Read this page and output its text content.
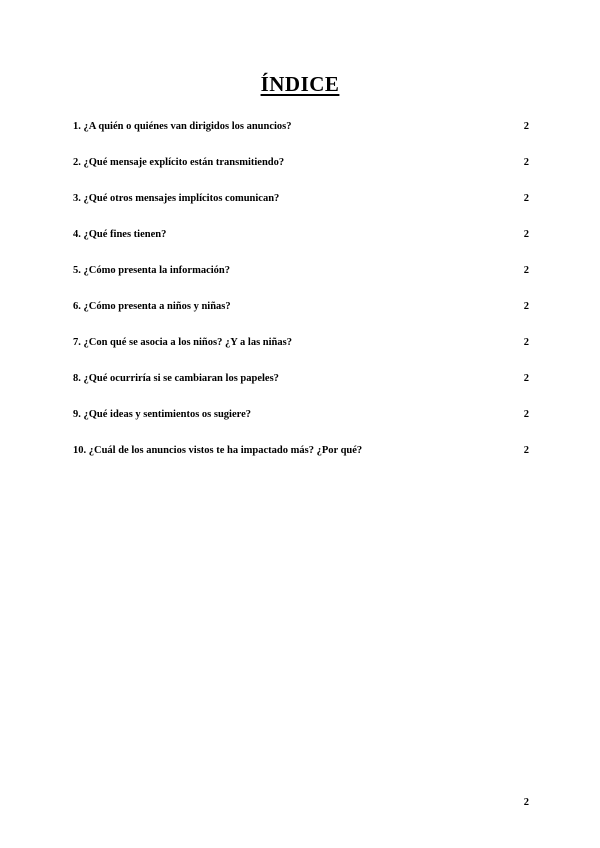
ÍNDICE
1. ¿A quién o quiénes van dirigidos los anuncios?	2
2. ¿Qué mensaje explícito están transmitiendo?	2
3. ¿Qué otros mensajes implícitos comunican?	2
4. ¿Qué fines tienen?	2
5. ¿Cómo presenta la información?	2
6. ¿Cómo presenta a niños y niñas?	2
7. ¿Con qué se asocia a los niños? ¿Y a las niñas?	2
8. ¿Qué ocurriría si se cambiaran los papeles?	2
9. ¿Qué ideas y sentimientos os sugiere?	2
10. ¿Cuál de los anuncios vistos te ha impactado más? ¿Por qué?	2
2
